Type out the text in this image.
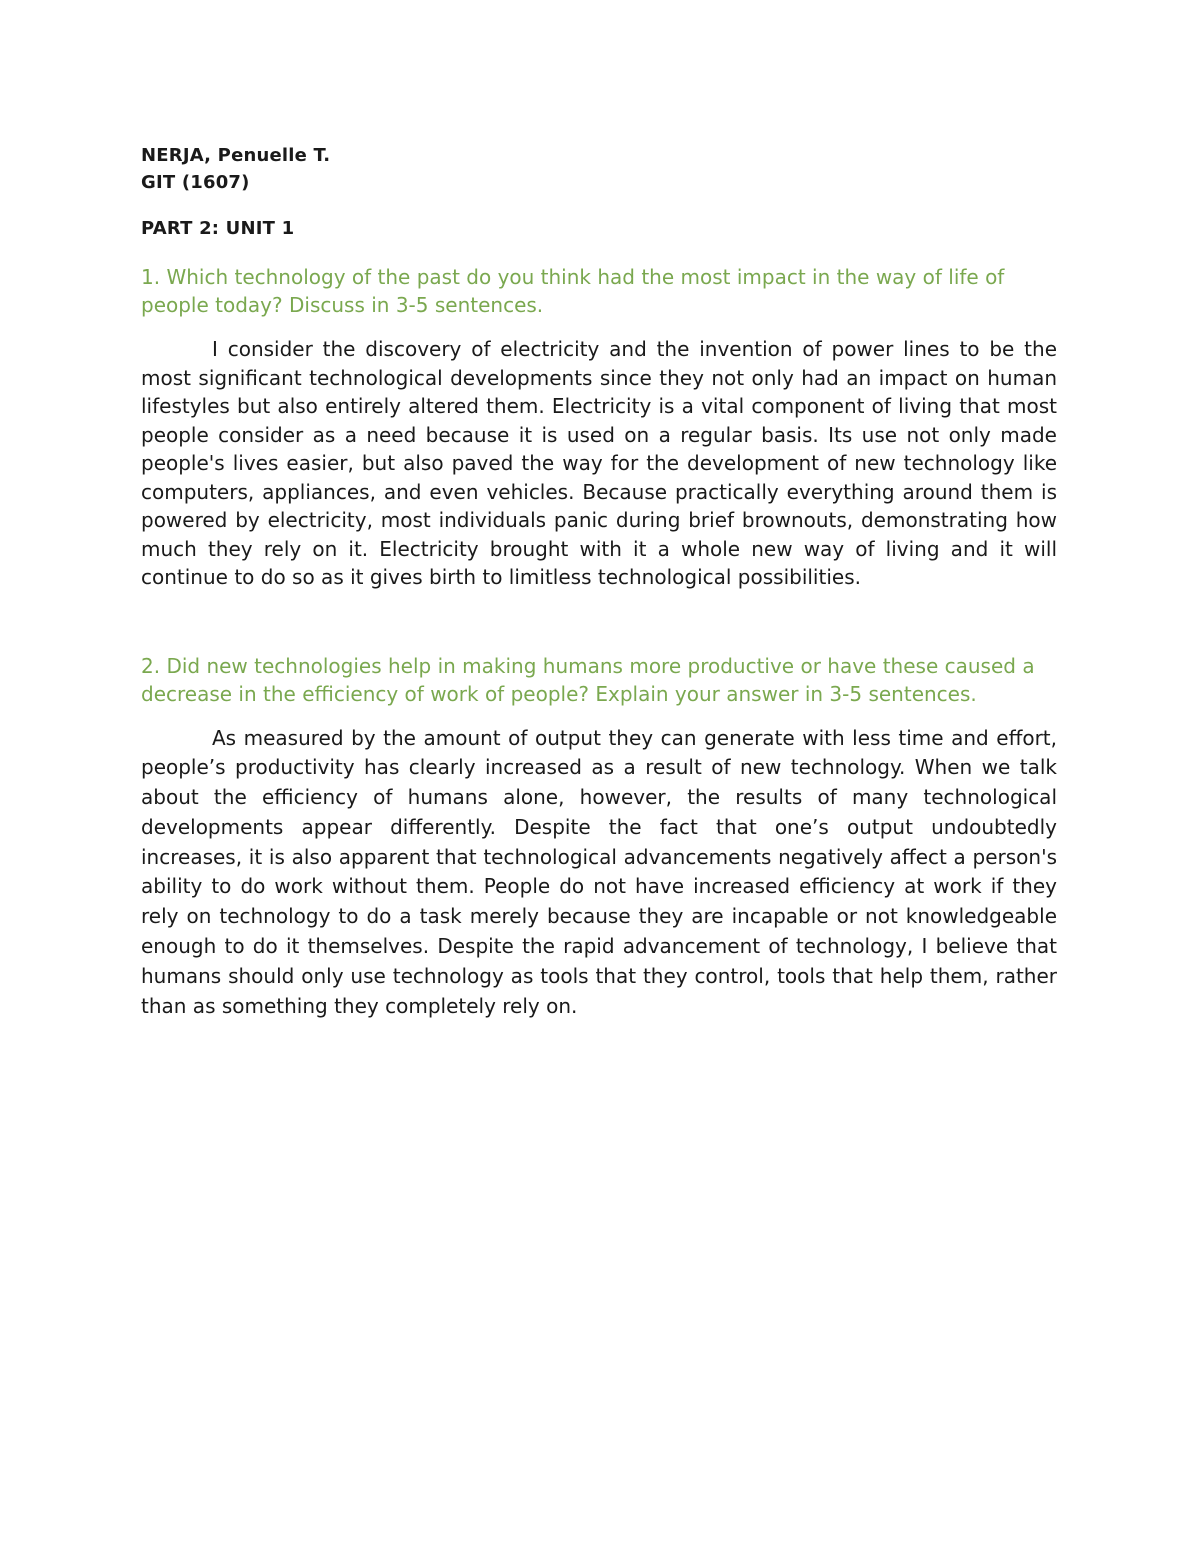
NERJA, Penuelle T.

GIT (1607)

PART 2: UNIT 1

1. Which technology of the past do you think had the most impact in the way of life of people today? Discuss in 3-5 sentences.

I consider the discovery of electricity and the invention of power lines to be the most significant technological developments since they not only had an impact on human lifestyles but also entirely altered them. Electricity is a vital component of living that most people consider as a need because it is used on a regular basis. Its use not only made people's lives easier, but also paved the way for the development of new technology like computers, appliances, and even vehicles. Because practically everything around them is powered by electricity, most individuals panic during brief brownouts, demonstrating how much they rely on it. Electricity brought with it a whole new way of living and it will continue to do so as it gives birth to limitless technological possibilities.

2. Did new technologies help in making humans more productive or have these caused a decrease in the efficiency of work of people? Explain your answer in 3-5 sentences.

As measured by the amount of output they can generate with less time and effort, people’s productivity has clearly increased as a result of new technology. When we talk about the efficiency of humans alone, however, the results of many technological developments appear differently. Despite the fact that one’s output undoubtedly increases, it is also apparent that technological advancements negatively affect a person's ability to do work without them. People do not have increased efficiency at work if they rely on technology to do a task merely because they are incapable or not knowledgeable enough to do it themselves. Despite the rapid advancement of technology, I believe that humans should only use technology as tools that they control, tools that help them, rather than as something they completely rely on.
